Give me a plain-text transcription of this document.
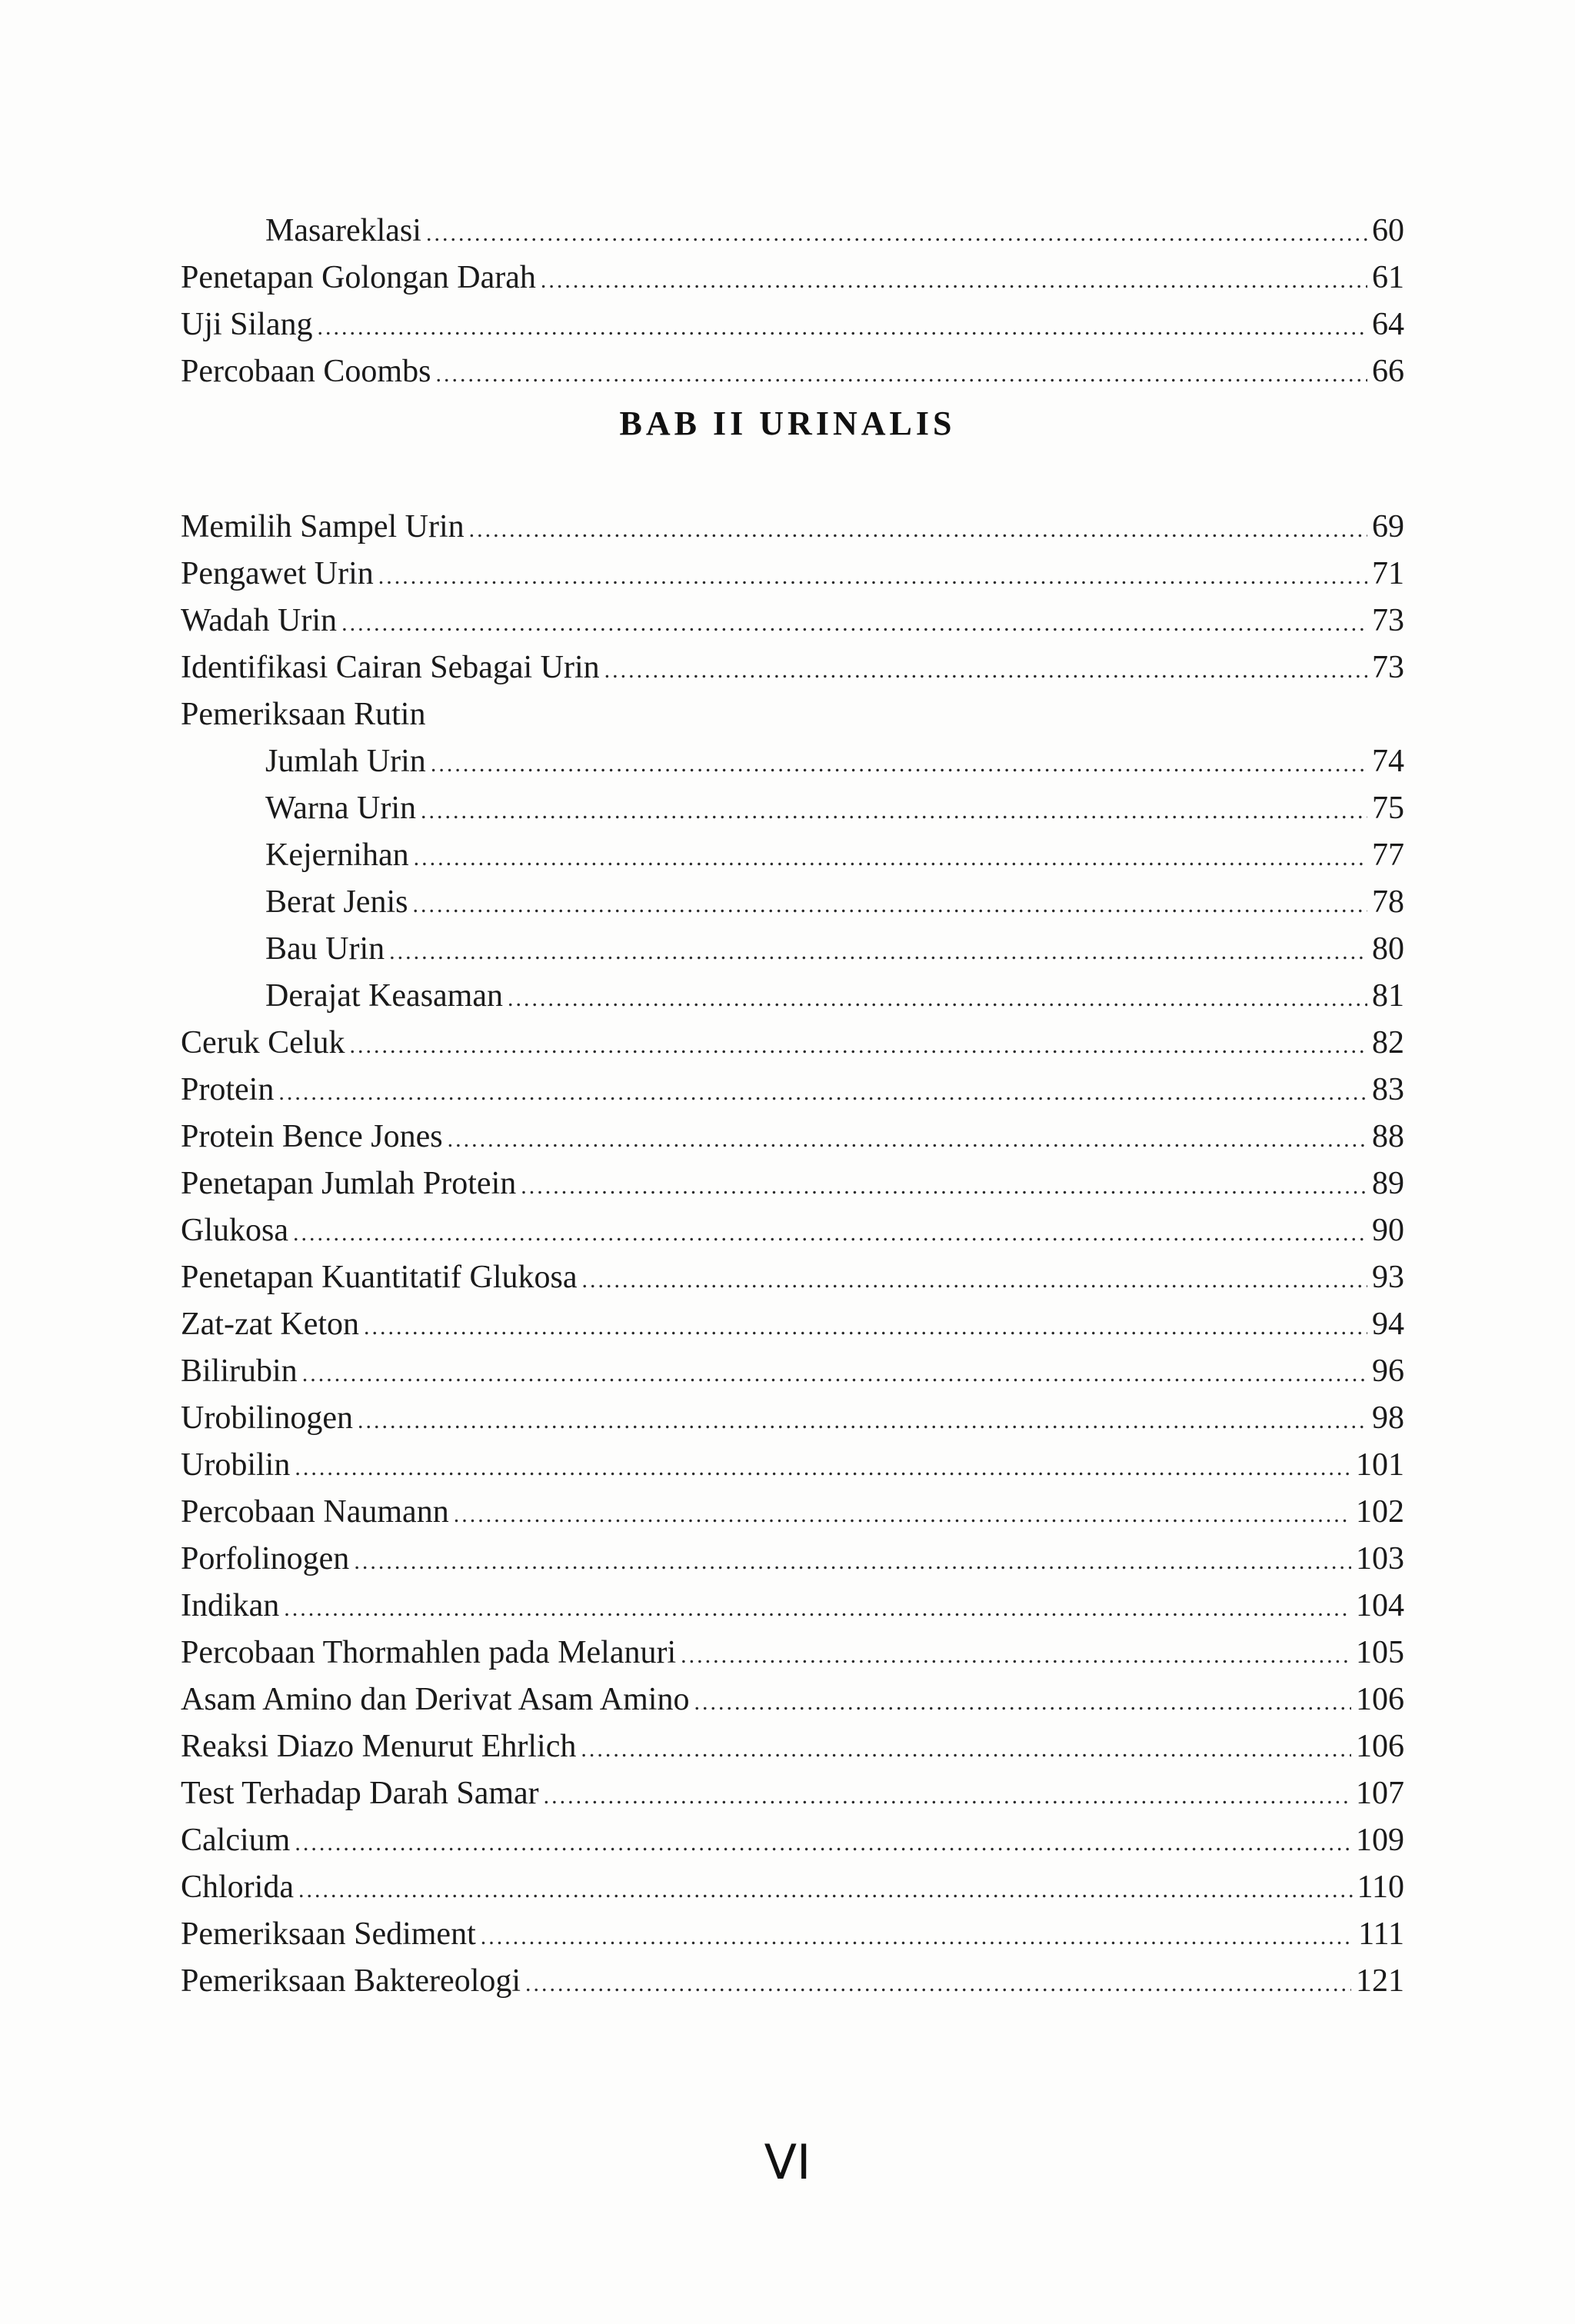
Masareklasi .....	60
Penetapan Golongan Darah .....	61
Uji Silang .....	64
Percobaan Coombs .....	66
BAB II URINALIS
Memilih Sampel Urin .....	69
Pengawet Urin .....	71
Wadah Urin .....	73
Identifikasi Cairan Sebagai Urin .....	73
Pemeriksaan Rutin
Jumlah Urin .....	74
Warna Urin .....	75
Kejernihan .....	77
Berat Jenis .....	78
Bau Urin .....	80
Derajat Keasaman .....	81
Ceruk Celuk .....	82
Protein .....	83
Protein Bence Jones .....	88
Penetapan Jumlah Protein .....	89
Glukosa .....	90
Penetapan Kuantitatif Glukosa .....	93
Zat-zat Keton .....	94
Bilirubin .....	96
Urobilinogen .....	98
Urobilin .....	101
Percobaan Naumann .....	102
Porfolinogen .....	103
Indikan .....	104
Percobaan Thormahlen pada Melanuri .....	105
Asam Amino dan Derivat Asam Amino .....	106
Reaksi Diazo Menurut Ehrlich .....	106
Test Terhadap Darah Samar .....	107
Calcium .....	109
Chlorida .....	110
Pemeriksaan Sediment .....	111
Pemeriksaan Baktereologi .....	121
VI
